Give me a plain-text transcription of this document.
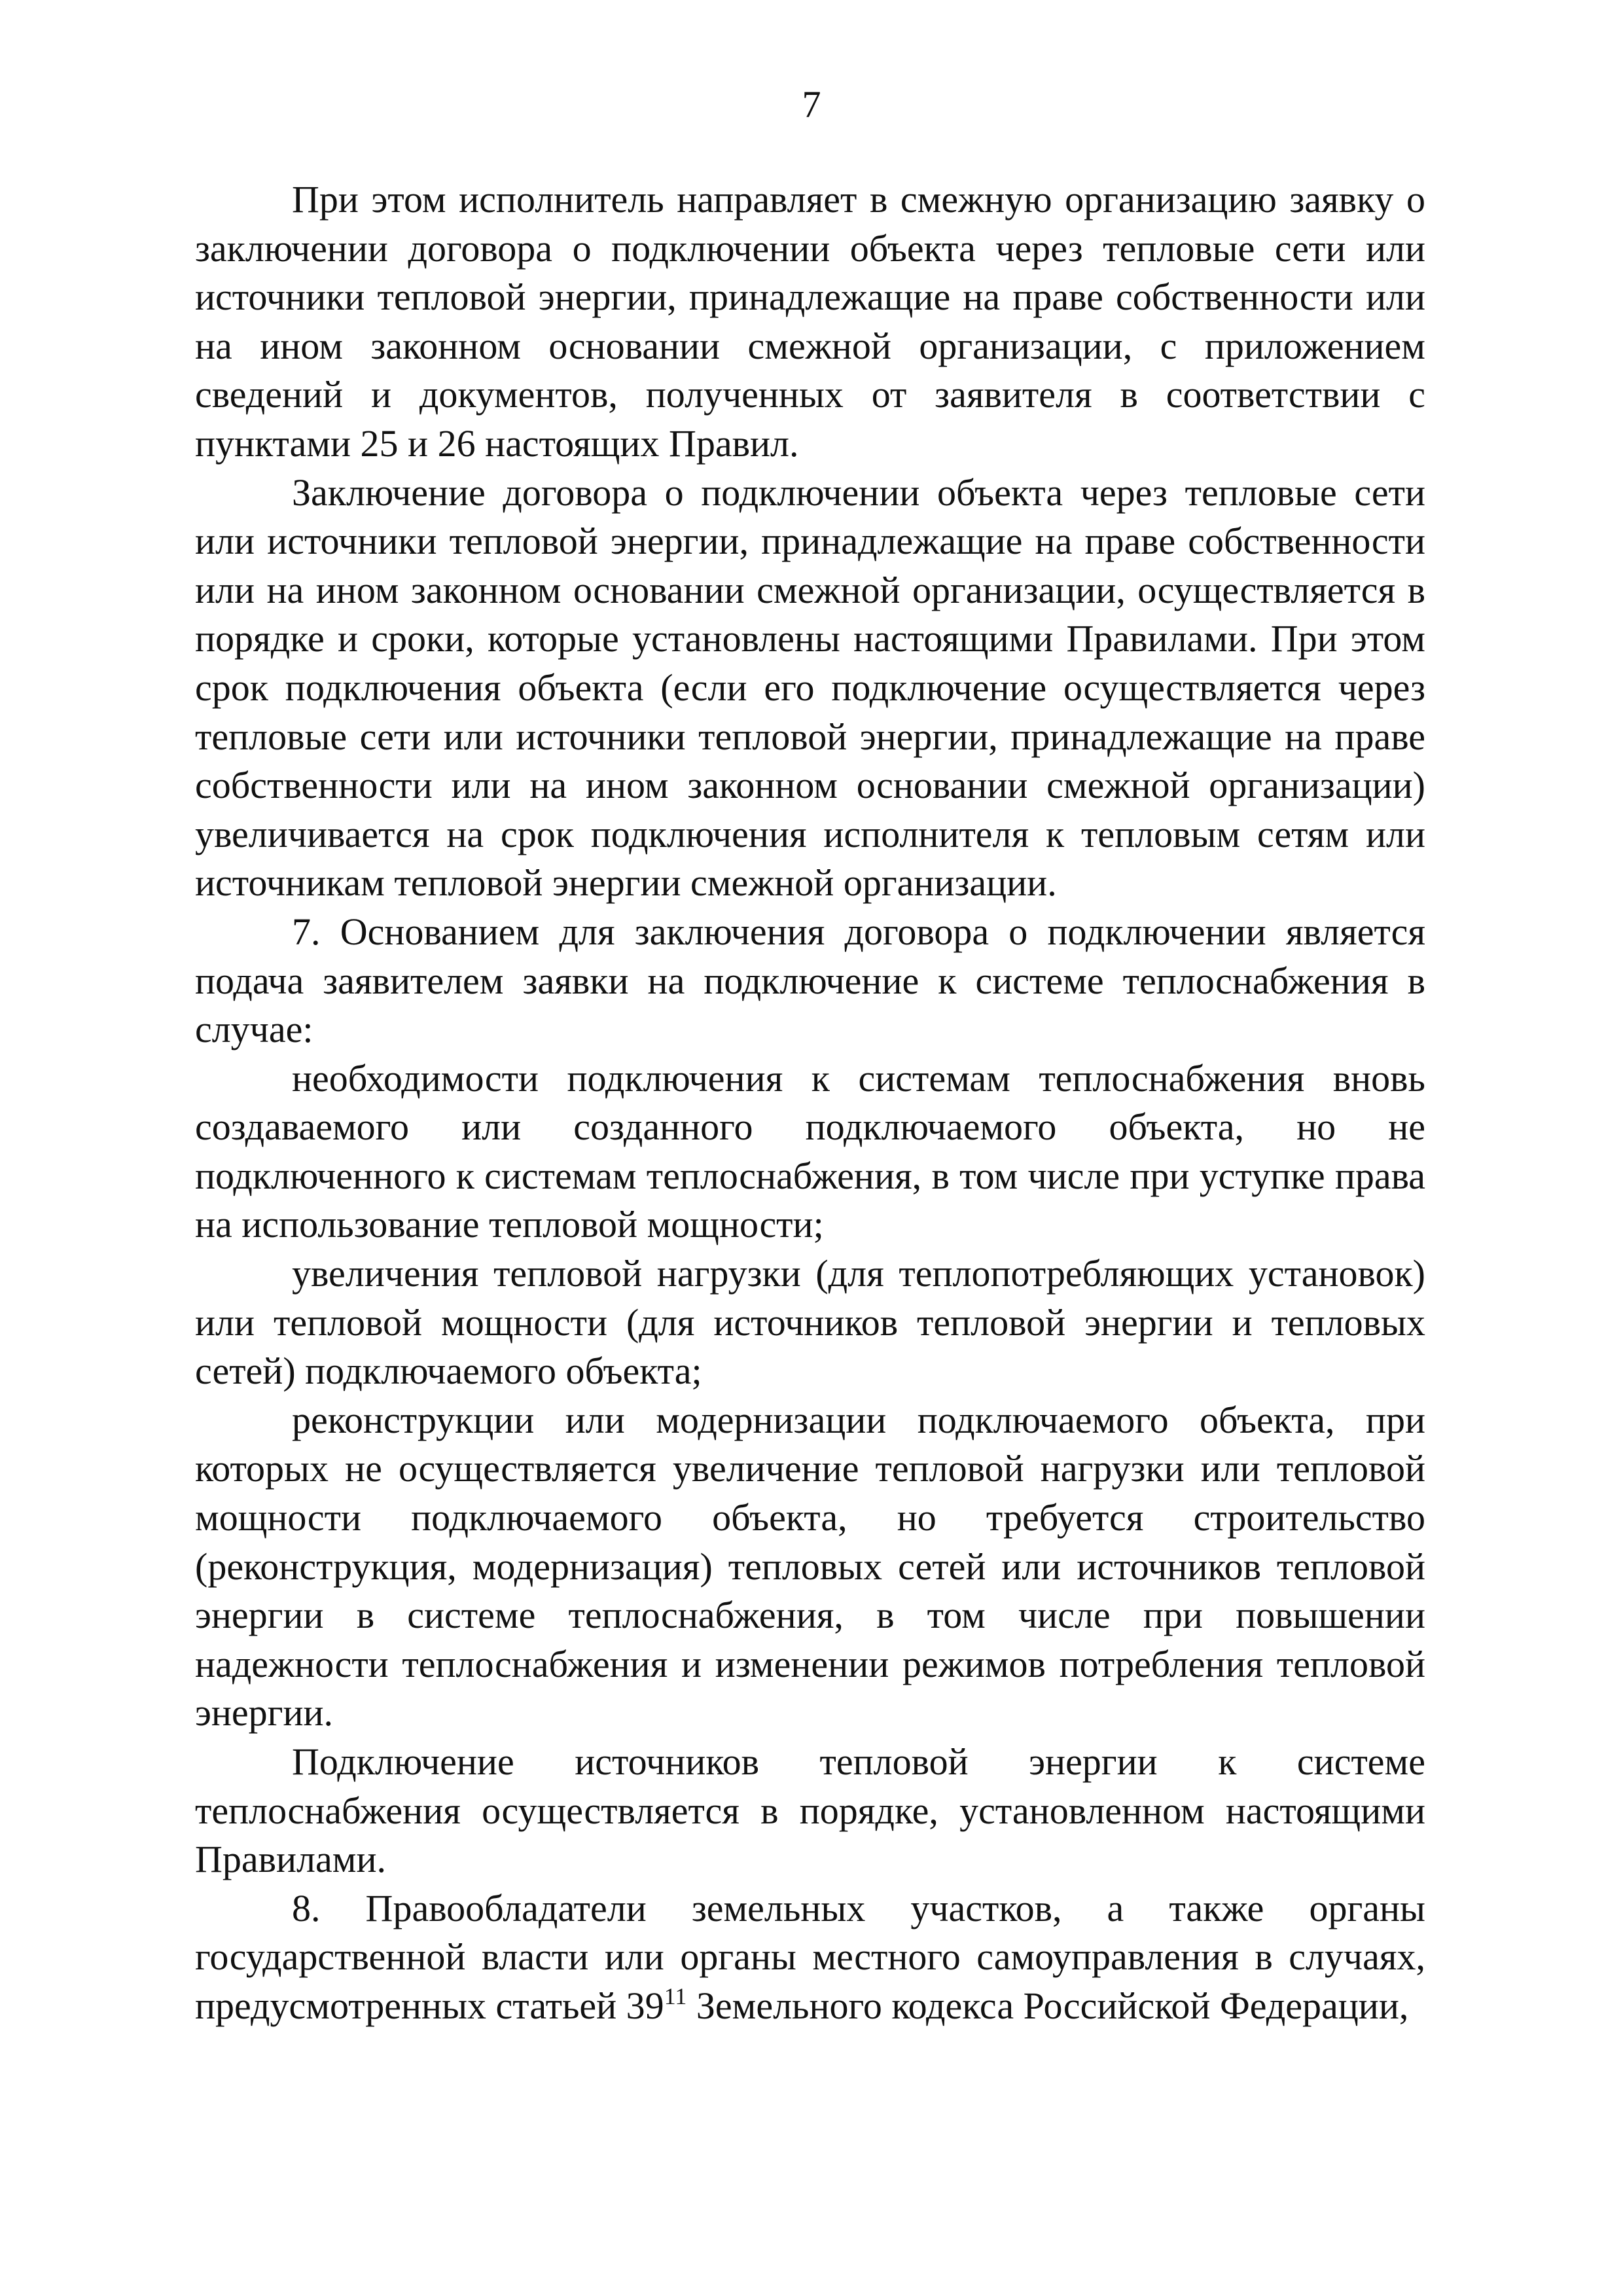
7

При этом исполнитель направляет в смежную организацию заявку о заключении договора о подключении объекта через тепловые сети или источники тепловой энергии, принадлежащие на праве собственности или на ином законном основании смежной организации, с приложением сведений и документов, полученных от заявителя в соответствии с пунктами 25 и 26 настоящих Правил.

Заключение договора о подключении объекта через тепловые сети или источники тепловой энергии, принадлежащие на праве собственности или на ином законном основании смежной организации, осуществляется в порядке и сроки, которые установлены настоящими Правилами. При этом срок подключения объекта (если его подключение осуществляется через тепловые сети или источники тепловой энергии, принадлежащие на праве собственности или на ином законном основании смежной организации) увеличивается на срок подключения исполнителя к тепловым сетям или источникам тепловой энергии смежной организации.

7. Основанием для заключения договора о подключении является подача заявителем заявки на подключение к системе теплоснабжения в случае:

необходимости подключения к системам теплоснабжения вновь создаваемого или созданного подключаемого объекта, но не подключенного к системам теплоснабжения, в том числе при уступке права на использование тепловой мощности;

увеличения тепловой нагрузки (для теплопотребляющих установок) или тепловой мощности (для источников тепловой энергии и тепловых сетей) подключаемого объекта;

реконструкции или модернизации подключаемого объекта, при которых не осуществляется увеличение тепловой нагрузки или тепловой мощности подключаемого объекта, но требуется строительство (реконструкция, модернизация) тепловых сетей или источников тепловой энергии в системе теплоснабжения, в том числе при повышении надежности теплоснабжения и изменении режимов потребления тепловой энергии.

Подключение источников тепловой энергии к системе теплоснабжения осуществляется в порядке, установленном настоящими Правилами.

8. Правообладатели земельных участков, а также органы государственной власти или органы местного самоуправления в случаях, предусмотренных статьей 39$^{11}$ Земельного кодекса Российской Федерации,
